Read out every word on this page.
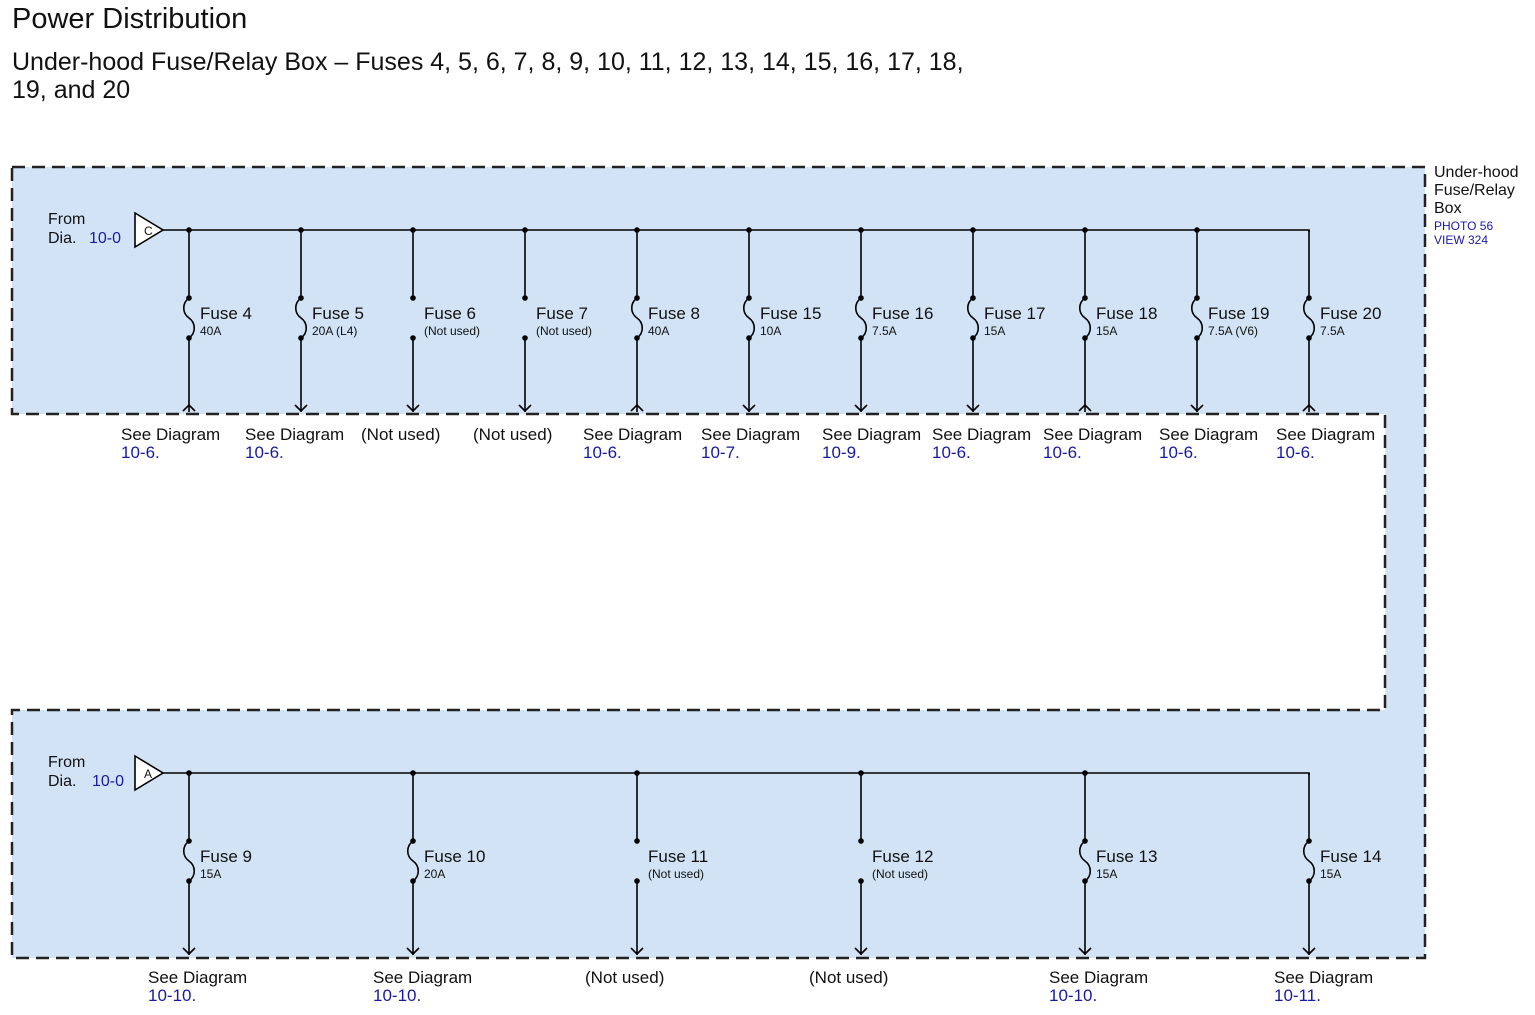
Power Distribution
Under-hood Fuse/Relay Box – Fuses 4, 5, 6, 7, 8, 9, 10, 11, 12, 13, 14, 15, 16, 17, 18, 19, and 20
From
Dia. 10-0 C
Fuse 4
40A
See Diagram
10-6.
Fuse 5
20A (L4)
See Diagram
10-6.
Fuse 6
(Not used)
(Not used)
Fuse 7
(Not used)
(Not used)
Fuse 8
40A
See Diagram
10-6.
Fuse 15
10A
See Diagram
10-7.
Fuse 16
7.5A
See Diagram
10-9.
Fuse 17
15A
See Diagram
10-6.
Fuse 18
15A
See Diagram
10-6.
Fuse 19
7.5A (V6)
See Diagram
10-6.
Fuse 20
7.5A
See Diagram
10-6.
From
Dia. 10-0 A
Fuse 9
15A
See Diagram
10-10.
Fuse 10
20A
See Diagram
10-10.
Fuse 11
(Not used)
(Not used)
Fuse 12
(Not used)
(Not used)
Fuse 13
15A
See Diagram
10-10.
Fuse 14
15A
See Diagram
10-11.
Under-hood Fuse/Relay Box
PHOTO 56
VIEW 324
